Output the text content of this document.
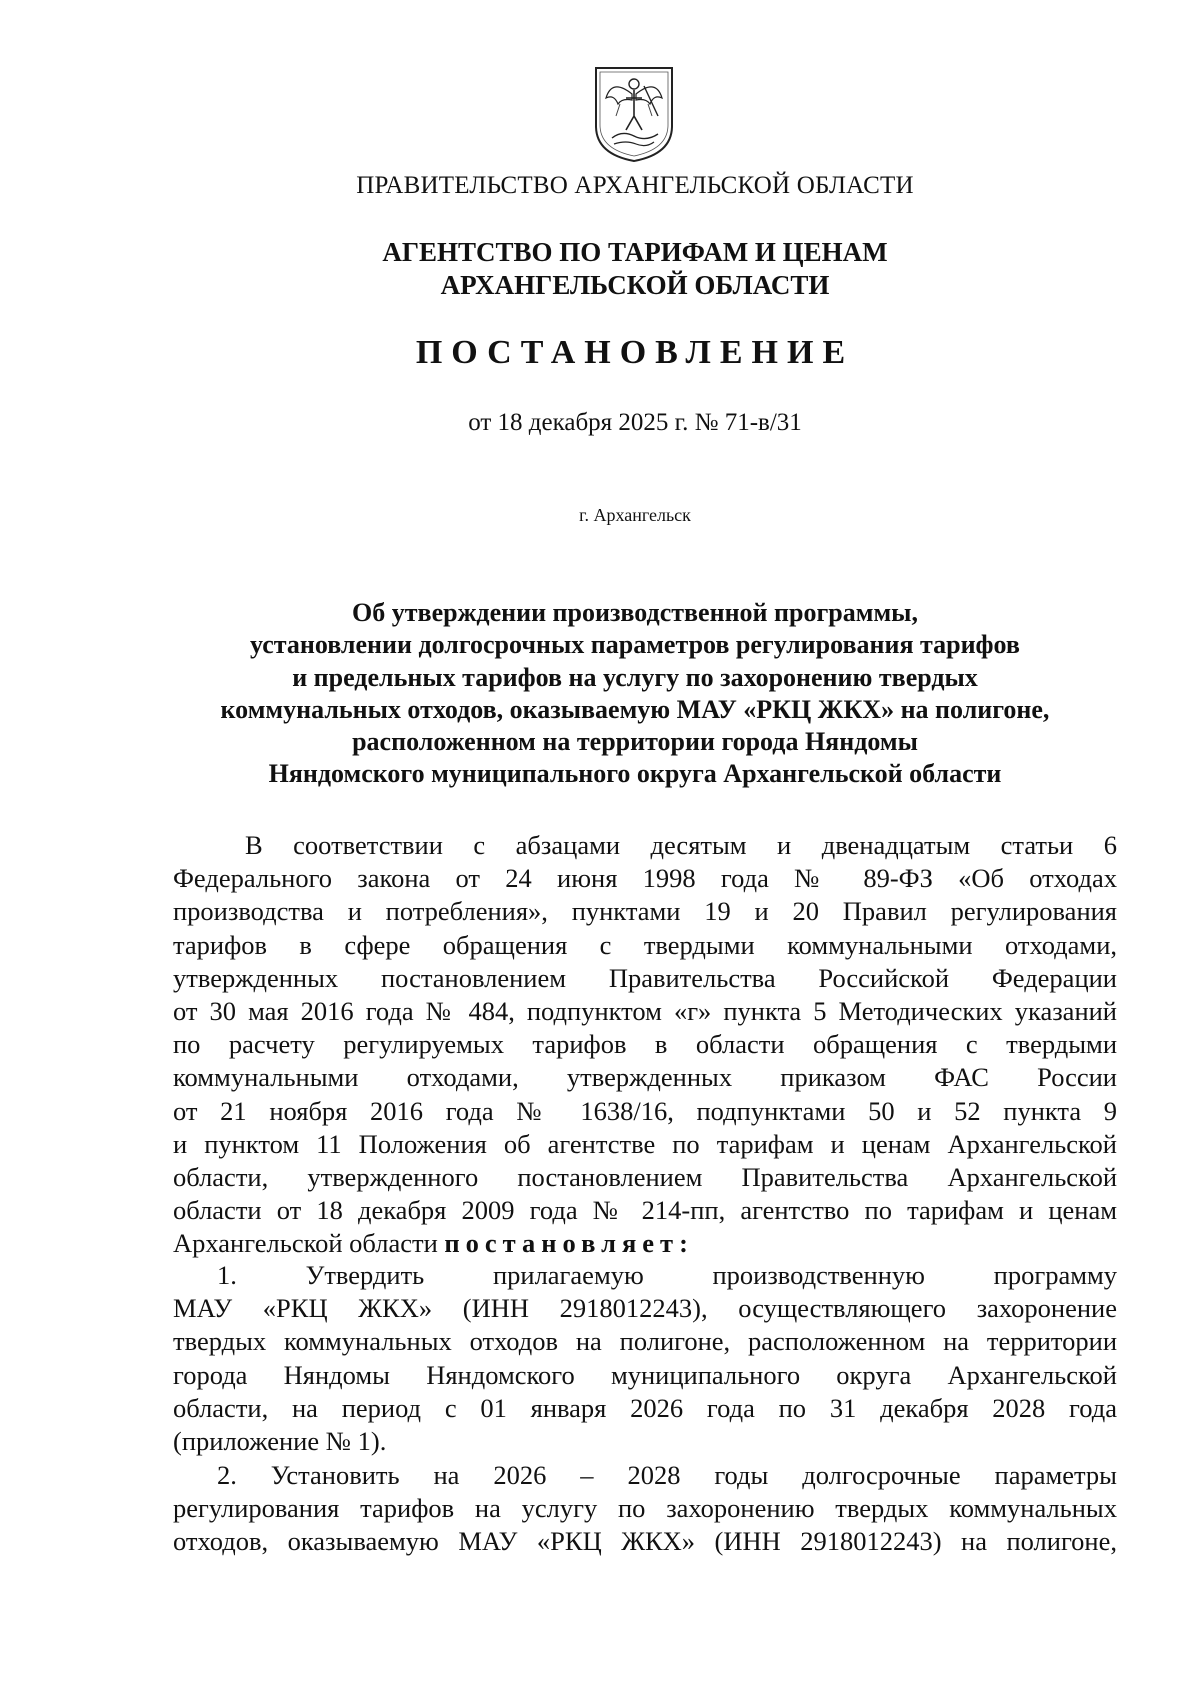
ПРАВИТЕЛЬСТВО АРХАНГЕЛЬСКОЙ ОБЛАСТИ
АГЕНТСТВО ПО ТАРИФАМ И ЦЕНАМ
АРХАНГЕЛЬСКОЙ ОБЛАСТИ
ПОСТАНОВЛЕНИЕ
от 18 декабря 2025 г. № 71-в/31
г. Архангельск
Об утверждении производственной программы,
установлении долгосрочных параметров регулирования тарифов
и предельных тарифов на услугу по захоронению твердых
коммунальных отходов, оказываемую МАУ «РКЦ ЖКХ» на полигоне,
расположенном на территории города Няндомы
Няндомского муниципального округа Архангельской области
В соответствии с абзацами десятым и двенадцатым статьи 6
Федерального закона от 24 июня 1998 года № 89-ФЗ «Об отходах
производства и потребления», пунктами 19 и 20 Правил регулирования
тарифов в сфере обращения с твердыми коммунальными отходами,
утвержденных постановлением Правительства Российской Федерации
от 30 мая 2016 года № 484, подпунктом «г» пункта 5 Методических указаний
по расчету регулируемых тарифов в области обращения с твердыми
коммунальными отходами, утвержденных приказом ФАС России
от 21 ноября 2016 года № 1638/16, подпунктами 50 и 52 пункта 9
и пунктом 11 Положения об агентстве по тарифам и ценам Архангельской
области, утвержденного постановлением Правительства Архангельской
области от 18 декабря 2009 года № 214-пп, агентство по тарифам и ценам
Архангельской области постановляет:
1. Утвердить прилагаемую производственную программу
МАУ «РКЦ ЖКХ» (ИНН 2918012243), осуществляющего захоронение
твердых коммунальных отходов на полигоне, расположенном на территории
города Няндомы Няндомского муниципального округа Архангельской
области, на период с 01 января 2026 года по 31 декабря 2028 года
(приложение № 1).
2. Установить на 2026 – 2028 годы долгосрочные параметры
регулирования тарифов на услугу по захоронению твердых коммунальных
отходов, оказываемую МАУ «РКЦ ЖКХ» (ИНН 2918012243) на полигоне,
